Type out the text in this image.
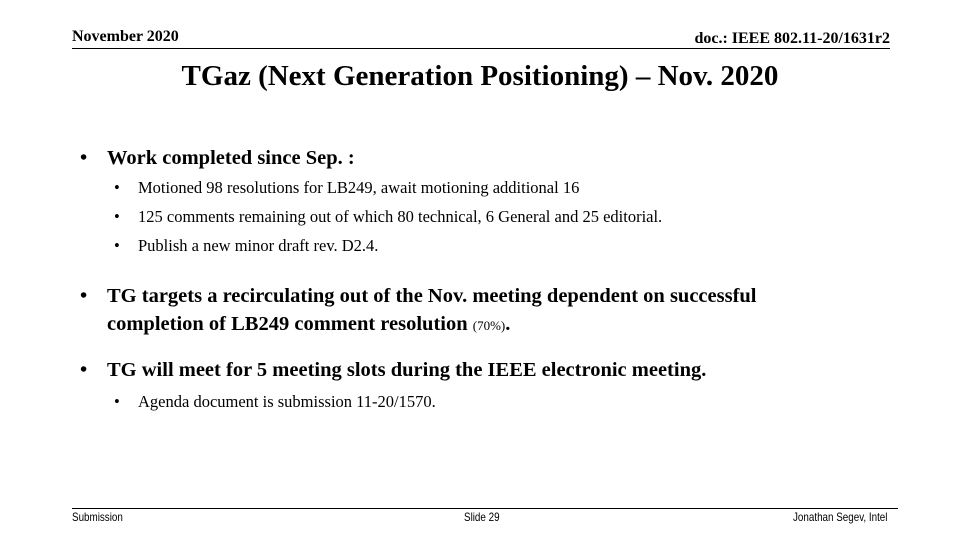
November 2020	doc.: IEEE 802.11-20/1631r2
TGaz (Next Generation Positioning) – Nov. 2020
• Work completed since Sep. :
• Motioned 98 resolutions for LB249, await motioning additional 16
• 125 comments remaining out of which 80 technical, 6 General and 25 editorial.
• Publish a new minor draft rev. D2.4.
• TG targets a recirculating out of the Nov. meeting dependent on successful
completion of LB249 comment resolution (70%).
• TG will meet for 5 meeting slots during the IEEE electronic meeting.
• Agenda document is submission 11-20/1570.
Submission	Slide 29	Jonathan Segev, Intel
